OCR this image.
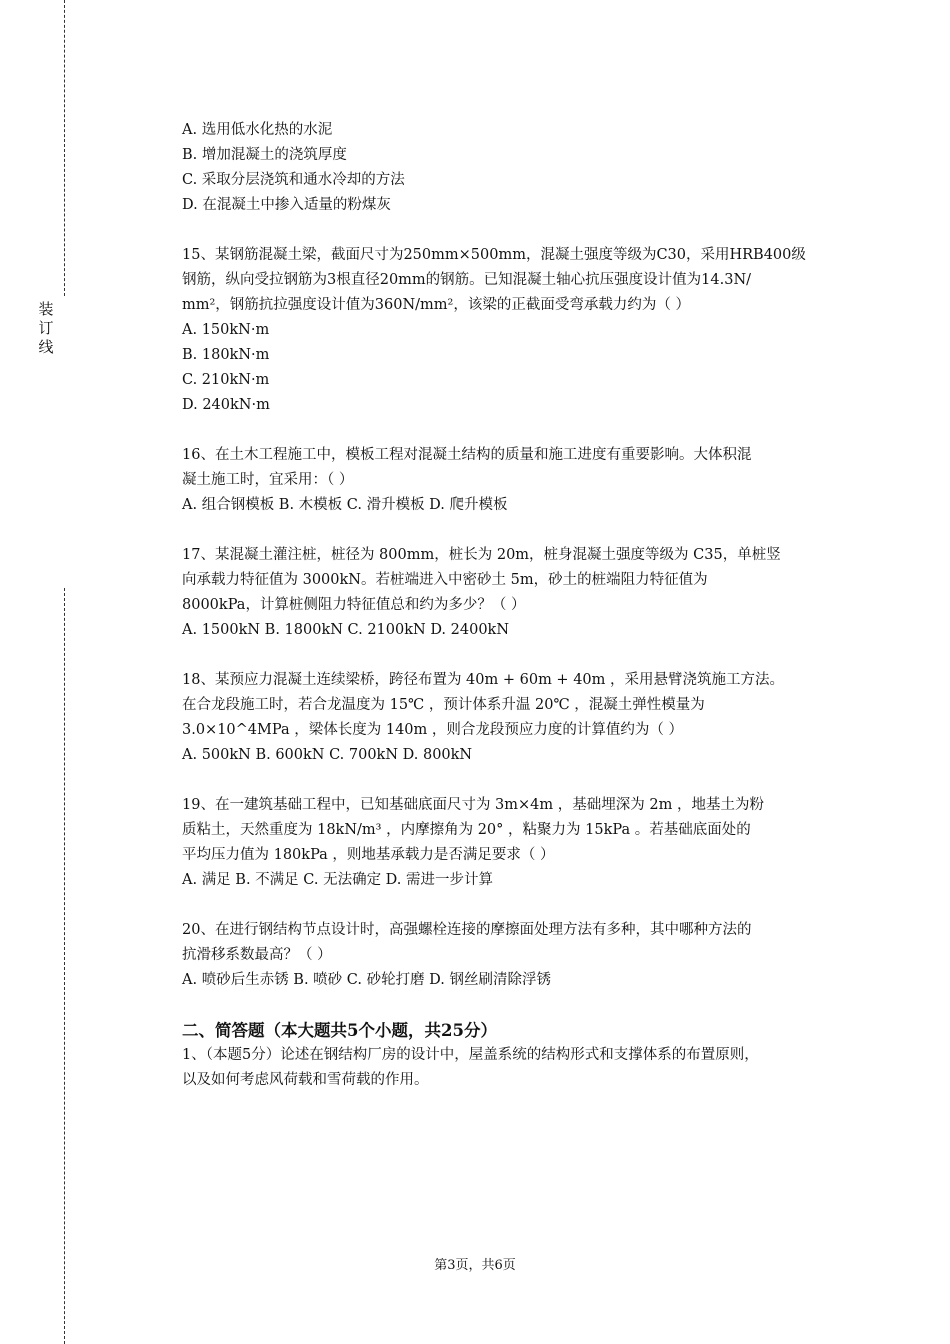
装订线
A. 选用低水化热的水泥
B. 增加混凝土的浇筑厚度
C. 采取分层浇筑和通水冷却的方法
D. 在混凝土中掺入适量的粉煤灰
15、某钢筋混凝土梁，截面尺寸为250mm×500mm，混凝土强度等级为C30，采用HRB400级
钢筋，纵向受拉钢筋为3根直径20mm的钢筋。已知混凝土轴心抗压强度设计值为14.3N/
mm²，钢筋抗拉强度设计值为360N/mm²，该梁的正截面受弯承载力约为（ ）
A. 150kN·m
B. 180kN·m
C. 210kN·m
D. 240kN·m
16、在土木工程施工中，模板工程对混凝土结构的质量和施工进度有重要影响。大体积混
凝土施工时，宜采用：（ ）
A. 组合钢模板 B. 木模板 C. 滑升模板 D. 爬升模板
17、某混凝土灌注桩，桩径为 800mm，桩长为 20m，桩身混凝土强度等级为 C35，单桩竖
向承载力特征值为 3000kN。若桩端进入中密砂土 5m，砂土的桩端阻力特征值为
8000kPa，计算桩侧阻力特征值总和约为多少？（ ）
A. 1500kN B. 1800kN C. 2100kN D. 2400kN
18、某预应力混凝土连续梁桥，跨径布置为 40m + 60m + 40m ，采用悬臂浇筑施工方法。
在合龙段施工时，若合龙温度为 15℃ ，预计体系升温 20℃ ，混凝土弹性模量为
3.0×10^4MPa ，梁体长度为 140m ，则合龙段预应力度的计算值约为（ ）
A. 500kN B. 600kN C. 700kN D. 800kN
19、在一建筑基础工程中，已知基础底面尺寸为 3m×4m ，基础埋深为 2m ，地基土为粉
质粘土，天然重度为 18kN/m³ ，内摩擦角为 20° ，粘聚力为 15kPa 。若基础底面处的
平均压力值为 180kPa ，则地基承载力是否满足要求（ ）
A. 满足 B. 不满足 C. 无法确定 D. 需进一步计算
20、在进行钢结构节点设计时，高强螺栓连接的摩擦面处理方法有多种，其中哪种方法的
抗滑移系数最高？（ ）
A. 喷砂后生赤锈 B. 喷砂 C. 砂轮打磨 D. 钢丝刷清除浮锈
二、简答题（本大题共5个小题，共25分）
1、（本题5分）论述在钢结构厂房的设计中，屋盖系统的结构形式和支撑体系的布置原则，
以及如何考虑风荷载和雪荷载的作用。
第3页，共6页
